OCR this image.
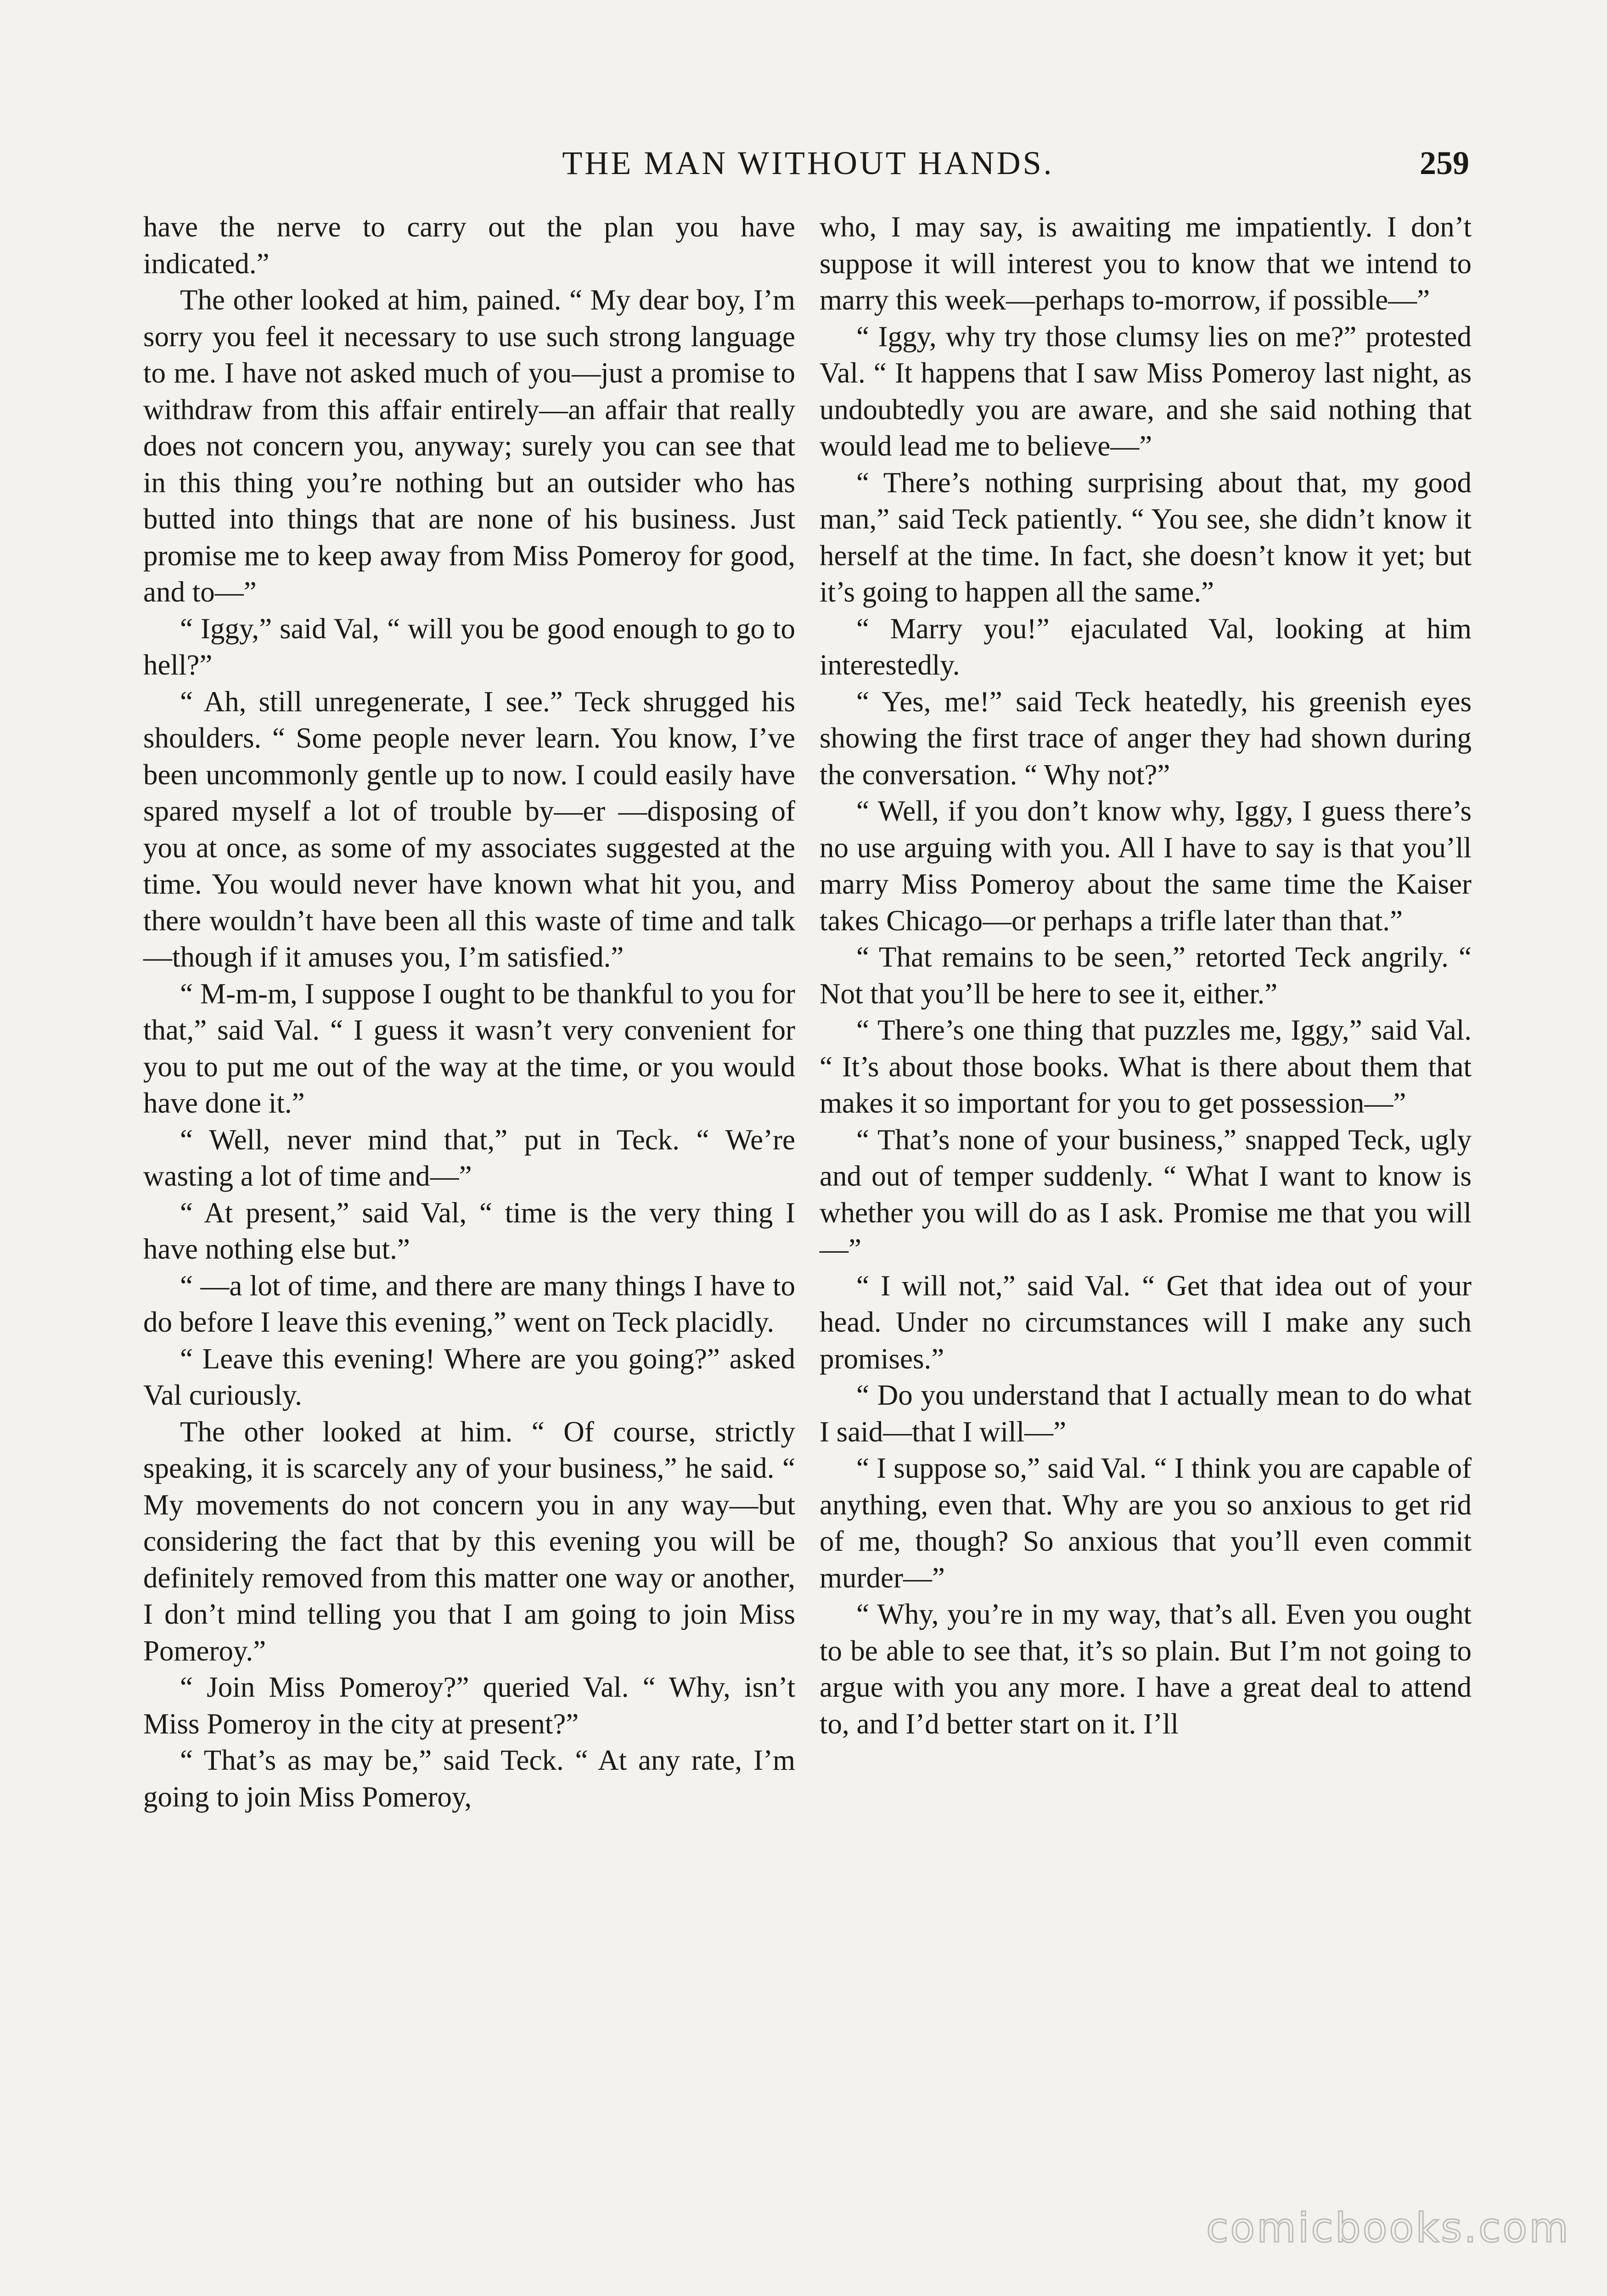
THE MAN WITHOUT HANDS.	259

have the nerve to carry out the plan you have indicated.”

The other looked at him, pained. “ My dear boy, I’m sorry you feel it necessary to use such strong language to me. I have not asked much of you—just a promise to withdraw from this affair entirely—an affair that really does not concern you, anyway; surely you can see that in this thing you’re nothing but an outsider who has butted into things that are none of his business. Just promise me to keep away from Miss Pomeroy for good, and to—”

“ Iggy,” said Val, “ will you be good enough to go to hell?”

“ Ah, still unregenerate, I see.” Teck shrugged his shoulders. “ Some people never learn. You know, I’ve been uncommonly gentle up to now. I could easily have spared myself a lot of trouble by—er —disposing of you at once, as some of my associates suggested at the time. You would never have known what hit you, and there wouldn’t have been all this waste of time and talk—though if it amuses you, I’m satisfied.”

“ M-m-m, I suppose I ought to be thankful to you for that,” said Val. “ I guess it wasn’t very convenient for you to put me out of the way at the time, or you would have done it.”

“ Well, never mind that,” put in Teck. “ We’re wasting a lot of time and—”

“ At present,” said Val, “ time is the very thing I have nothing else but.”

“ —a lot of time, and there are many things I have to do before I leave this evening,” went on Teck placidly.

“ Leave this evening! Where are you going?” asked Val curiously.

The other looked at him. “ Of course, strictly speaking, it is scarcely any of your business,” he said. “ My movements do not concern you in any way—but considering the fact that by this evening you will be definitely removed from this matter one way or another, I don’t mind telling you that I am going to join Miss Pomeroy.”

“ Join Miss Pomeroy?” queried Val. “ Why, isn’t Miss Pomeroy in the city at present?”

“ That’s as may be,” said Teck. “ At any rate, I’m going to join Miss Pomeroy,

who, I may say, is awaiting me impatiently. I don’t suppose it will interest you to know that we intend to marry this week—perhaps to-morrow, if possible—”

“ Iggy, why try those clumsy lies on me?” protested Val. “ It happens that I saw Miss Pomeroy last night, as undoubtedly you are aware, and she said nothing that would lead me to believe—”

“ There’s nothing surprising about that, my good man,” said Teck patiently. “ You see, she didn’t know it herself at the time. In fact, she doesn’t know it yet; but it’s going to happen all the same.”

“ Marry you!” ejaculated Val, looking at him interestedly.

“ Yes, me!” said Teck heatedly, his greenish eyes showing the first trace of anger they had shown during the conversation. “ Why not?”

“ Well, if you don’t know why, Iggy, I guess there’s no use arguing with you. All I have to say is that you’ll marry Miss Pomeroy about the same time the Kaiser takes Chicago—or perhaps a trifle later than that.”

“ That remains to be seen,” retorted Teck angrily. “ Not that you’ll be here to see it, either.”

“ There’s one thing that puzzles me, Iggy,” said Val. “ It’s about those books. What is there about them that makes it so important for you to get possession—”

“ That’s none of your business,” snapped Teck, ugly and out of temper suddenly. “ What I want to know is whether you will do as I ask. Promise me that you will—”

“ I will not,” said Val. “ Get that idea out of your head. Under no circumstances will I make any such promises.”

“ Do you understand that I actually mean to do what I said—that I will—”

“ I suppose so,” said Val. “ I think you are capable of anything, even that. Why are you so anxious to get rid of me, though? So anxious that you’ll even commit murder—”

“ Why, you’re in my way, that’s all. Even you ought to be able to see that, it’s so plain. But I’m not going to argue with you any more. I have a great deal to attend to, and I’d better start on it. I’ll

comicbooks.com
